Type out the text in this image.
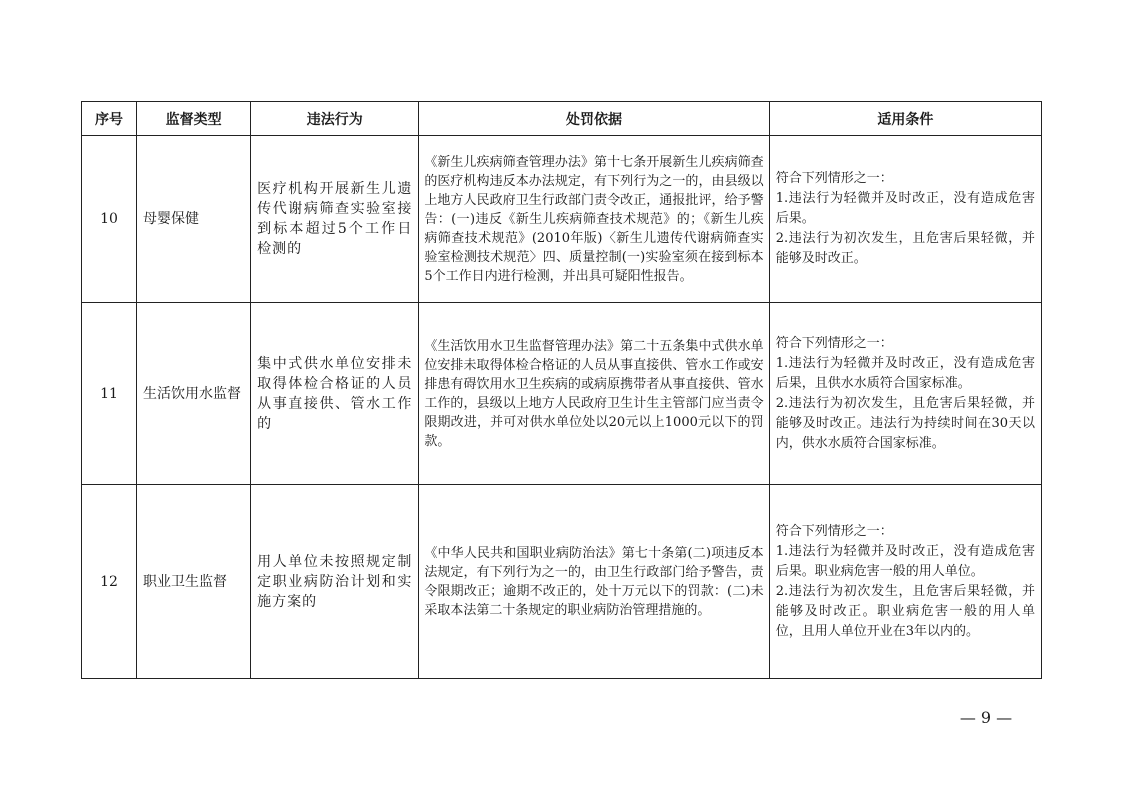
序号	监督类型	违法行为	处罚依据	适用条件
10	母婴保健	医疗机构开展新生儿遗传代谢病筛查实验室接到标本超过5个工作日检测的	《新生儿疾病筛查管理办法》第十七条开展新生儿疾病筛查的医疗机构违反本办法规定，有下列行为之一的，由县级以上地方人民政府卫生行政部门责令改正，通报批评，给予警告：(一)违反《新生儿疾病筛查技术规范》的；《新生儿疾病筛查技术规范》(2010年版)〈新生儿遗传代谢病筛查实验室检测技术规范〉四、质量控制(一)实验室须在接到标本5个工作日内进行检测，并出具可疑阳性报告。	符合下列情形之一：
1.违法行为轻微并及时改正，没有造成危害后果。
2.违法行为初次发生，且危害后果轻微，并能够及时改正。

11	生活饮用水监督	集中式供水单位安排未取得体检合格证的人员从事直接供、管水工作的	《生活饮用水卫生监督管理办法》第二十五条集中式供水单位安排未取得体检合格证的人员从事直接供、管水工作或安排患有碍饮用水卫生疾病的或病原携带者从事直接供、管水工作的，县级以上地方人民政府卫生计生主管部门应当责令限期改进，并可对供水单位处以20元以上1000元以下的罚款。	符合下列情形之一：
1.违法行为轻微并及时改正，没有造成危害后果，且供水水质符合国家标准。
2.违法行为初次发生，且危害后果轻微，并能够及时改正。违法行为持续时间在30天以内，供水水质符合国家标准。

12	职业卫生监督	用人单位未按照规定制定职业病防治计划和实施方案的	《中华人民共和国职业病防治法》第七十条第(二)项违反本法规定，有下列行为之一的，由卫生行政部门给予警告，责令限期改正；逾期不改正的，处十万元以下的罚款：(二)未采取本法第二十条规定的职业病防治管理措施的。	符合下列情形之一：
1.违法行为轻微并及时改正，没有造成危害后果。职业病危害一般的用人单位。
2.违法行为初次发生，且危害后果轻微，并能够及时改正。职业病危害一般的用人单位，且用人单位开业在3年以内的。
— 9 —
